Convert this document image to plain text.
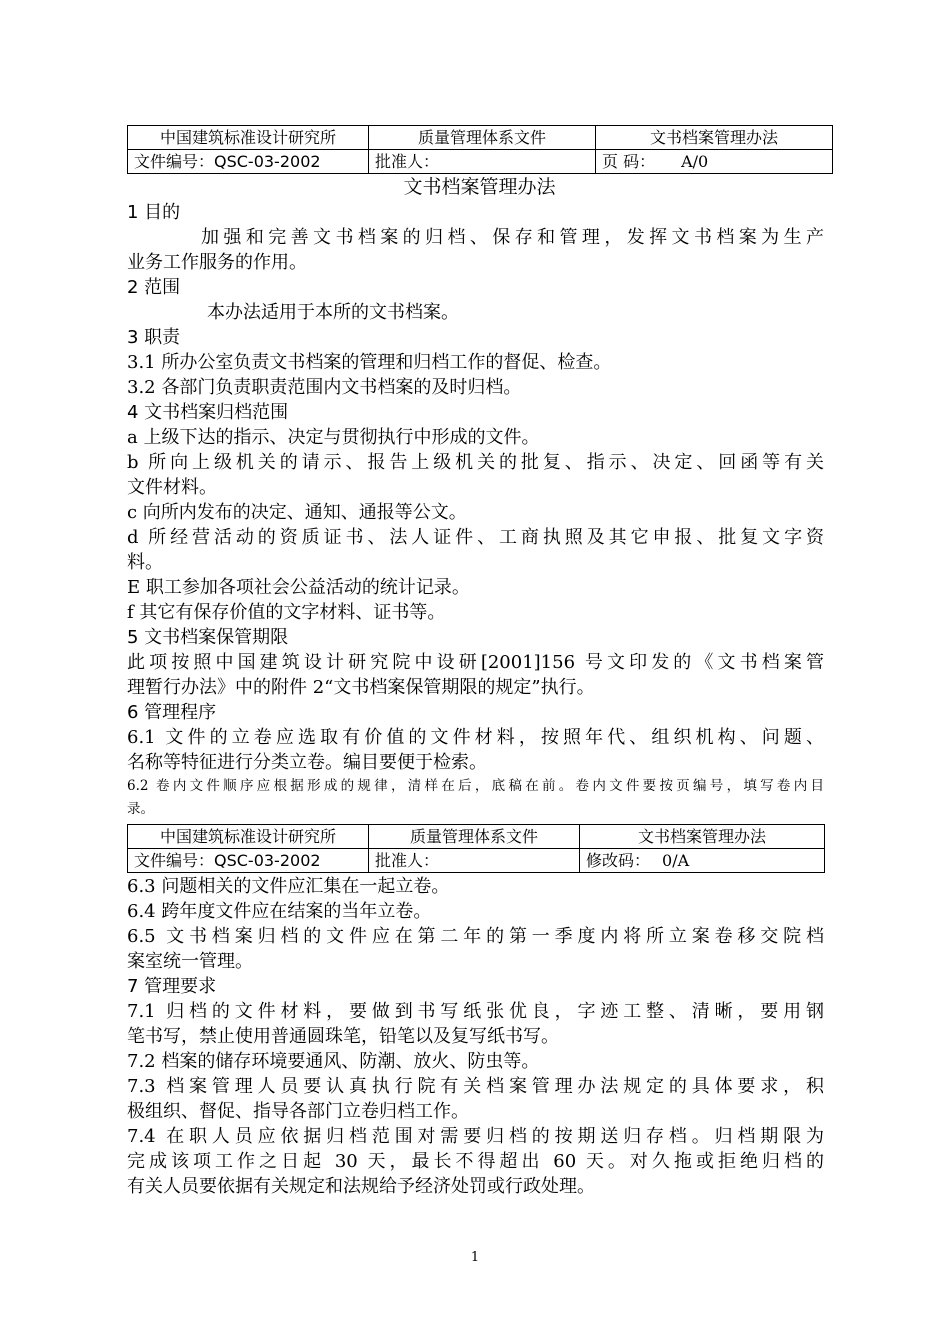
中国建筑标准设计研究所	质量管理体系文件	文书档案管理办法
文件编号：QSC-03-2002	批准人：	页 码： A/0
文书档案管理办法
1 目的
加强和完善文书档案的归档、保存和管理，发挥文书档案为生产
业务工作服务的作用。
2 范围
本办法适用于本所的文书档案。
3 职责
3.1 所办公室负责文书档案的管理和归档工作的督促、检查。
3.2 各部门负责职责范围内文书档案的及时归档。
4 文书档案归档范围
a 上级下达的指示、决定与贯彻执行中形成的文件。
b 所向上级机关的请示、报告上级机关的批复、指示、决定、回函等有关
文件材料。
c 向所内发布的决定、通知、通报等公文。
d 所经营活动的资质证书、法人证件、工商执照及其它申报、批复文字资
料。
E 职工参加各项社会公益活动的统计记录。
f 其它有保存价值的文字材料、证书等。
5 文书档案保管期限
此项按照中国建筑设计研究院中设研[2001]156 号文印发的《文书档案管
理暂行办法》中的附件 2“文书档案保管期限的规定”执行。
6 管理程序
6.1 文件的立卷应选取有价值的文件材料，按照年代、组织机构、问题、
名称等特征进行分类立卷。编目要便于检索。
6.2 卷内文件顺序应根据形成的规律，清样在后，底稿在前。卷内文件要按页编号，填写卷内目
录。
中国建筑标准设计研究所	质量管理体系文件	文书档案管理办法
文件编号：QSC-03-2002	批准人：	修改码： 0/A
6.3 问题相关的文件应汇集在一起立卷。
6.4 跨年度文件应在结案的当年立卷。
6.5 文书档案归档的文件应在第二年的第一季度内将所立案卷移交院档
案室统一管理。
7 管理要求
7.1 归档的文件材料，要做到书写纸张优良，字迹工整、清晰，要用钢
笔书写，禁止使用普通圆珠笔，铅笔以及复写纸书写。
7.2 档案的储存环境要通风、防潮、放火、防虫等。
7.3 档案管理人员要认真执行院有关档案管理办法规定的具体要求，积
极组织、督促、指导各部门立卷归档工作。
7.4 在职人员应依据归档范围对需要归档的按期送归存档。归档期限为
完成该项工作之日起 30 天，最长不得超出 60 天。对久拖或拒绝归档的
有关人员要依据有关规定和法规给予经济处罚或行政处理。
1
